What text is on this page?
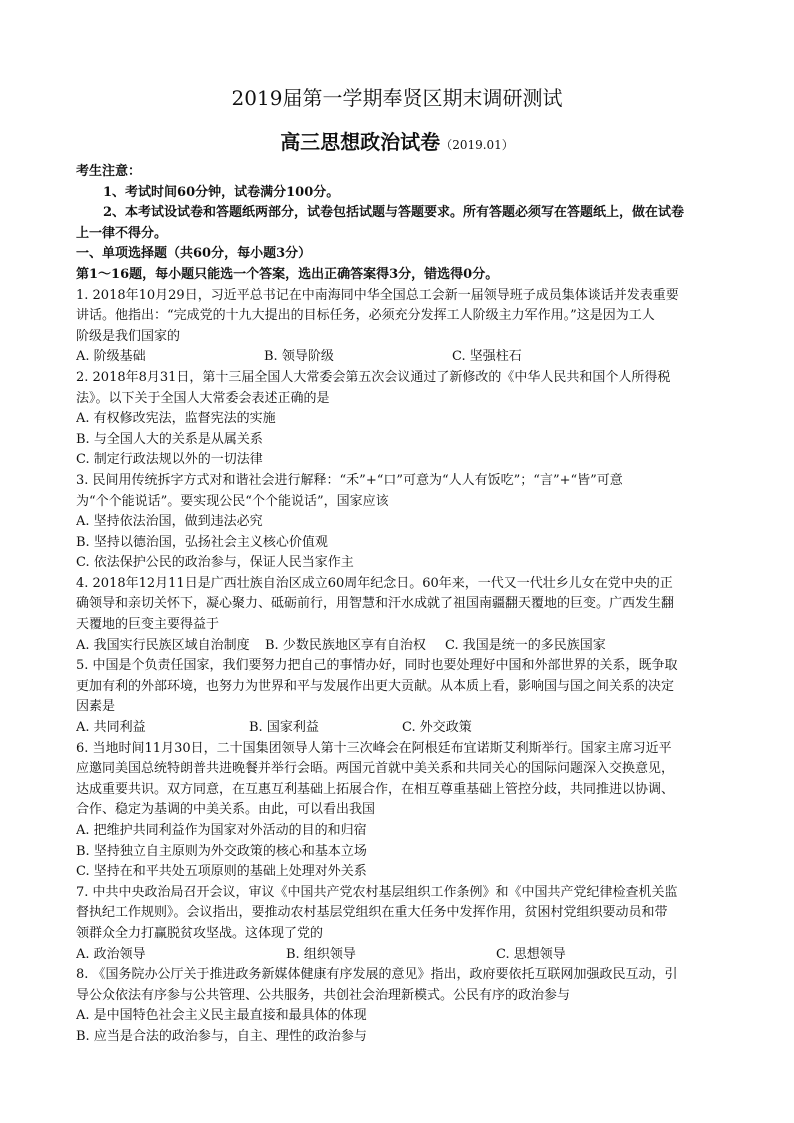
2019届第一学期奉贤区期末调研测试
高三思想政治试卷（2019.01）
考生注意：
1、考试时间60分钟，试卷满分100分。
2、本考试设试卷和答题纸两部分，试卷包括试题与答题要求。所有答题必须写在答题纸上，做在试卷
上一律不得分。
一、单项选择题（共60分，每小题3分）
第1～16题，每小题只能选一个答案，选出正确答案得3分，错选得0分。
1. 2018年10月29日，习近平总书记在中南海同中华全国总工会新一届领导班子成员集体谈话并发表重要
讲话。他指出：“完成党的十九大提出的目标任务，必须充分发挥工人阶级主力军作用。”这是因为工人
阶级是我们国家的
A. 阶级基础	B. 领导阶级	C. 坚强柱石
2. 2018年8月31日，第十三届全国人大常委会第五次会议通过了新修改的《中华人民共和国个人所得税
法》。以下关于全国人大常委会表述正确的是
A. 有权修改宪法，监督宪法的实施
B. 与全国人大的关系是从属关系
C. 制定行政法规以外的一切法律
3. 民间用传统拆字方式对和谐社会进行解释：“禾”+“口”可意为“人人有饭吃”；“言”+“皆”可意
为“个个能说话”。要实现公民“个个能说话”，国家应该
A. 坚持依法治国，做到违法必究
B. 坚持以德治国，弘扬社会主义核心价值观
C. 依法保护公民的政治参与，保证人民当家作主
4. 2018年12月11日是广西壮族自治区成立60周年纪念日。60年来，一代又一代壮乡儿女在党中央的正
确领导和亲切关怀下，凝心聚力、砥砺前行，用智慧和汗水成就了祖国南疆翻天覆地的巨变。广西发生翻
天覆地的巨变主要得益于
A. 我国实行民族区域自治制度	B. 少数民族地区享有自治权	C. 我国是统一的多民族国家
5. 中国是个负责任国家，我们要努力把自己的事情办好，同时也要处理好中国和外部世界的关系，既争取
更加有利的外部环境，也努力为世界和平与发展作出更大贡献。从本质上看，影响国与国之间关系的决定
因素是
A. 共同利益	B. 国家利益	C. 外交政策
6. 当地时间11月30日，二十国集团领导人第十三次峰会在阿根廷布宜诺斯艾利斯举行。国家主席习近平
应邀同美国总统特朗普共进晚餐并举行会晤。两国元首就中美关系和共同关心的国际问题深入交换意见，
达成重要共识。双方同意，在互惠互利基础上拓展合作，在相互尊重基础上管控分歧，共同推进以协调、
合作、稳定为基调的中美关系。由此，可以看出我国
A. 把维护共同利益作为国家对外活动的目的和归宿
B. 坚持独立自主原则为外交政策的核心和基本立场
C. 坚持在和平共处五项原则的基础上处理对外关系
7. 中共中央政治局召开会议，审议《中国共产党农村基层组织工作条例》和《中国共产党纪律检查机关监
督执纪工作规则》。会议指出，要推动农村基层党组织在重大任务中发挥作用，贫困村党组织要动员和带
领群众全力打赢脱贫攻坚战。这体现了党的
A. 政治领导	B. 组织领导	C. 思想领导
8. 《国务院办公厅关于推进政务新媒体健康有序发展的意见》指出，政府要依托互联网加强政民互动，引
导公众依法有序参与公共管理、公共服务，共创社会治理新模式。公民有序的政治参与
A. 是中国特色社会主义民主最直接和最具体的体现
B. 应当是合法的政治参与，自主、理性的政治参与
